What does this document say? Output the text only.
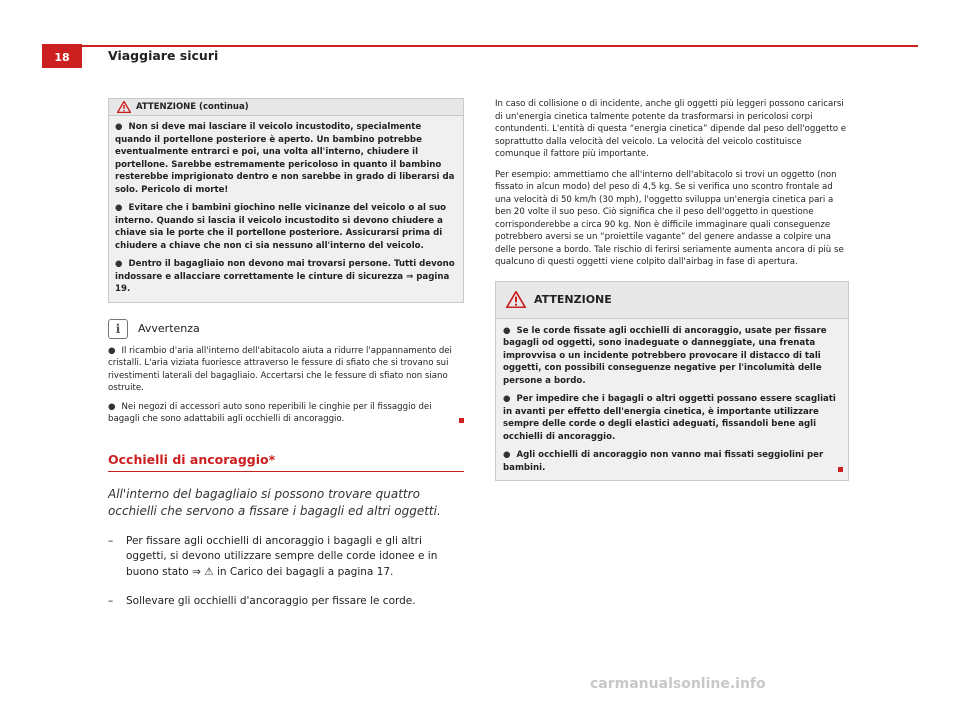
18	Viaggiare sicuri
ATTENZIONE (continua)

● Non si deve mai lasciare il veicolo incustodito, specialmente quando il portellone posteriore è aperto. Un bambino potrebbe eventualmente entrarci e poi, una volta all'interno, chiudere il portellone. Sarebbe estremamente pericoloso in quanto il bambino resterebbe imprigionato dentro e non sarebbe in grado di liberarsi da solo. Pericolo di morte!

● Evitare che i bambini giochino nelle vicinanze del veicolo o al suo interno. Quando si lascia il veicolo incustodito si devono chiudere a chiave sia le porte che il portellone posteriore. Assicurarsi prima di chiudere a chiave che non ci sia nessuno all'interno del veicolo.

● Dentro il bagagliaio non devono mai trovarsi persone. Tutti devono indossare e allacciare correttamente le cinture di sicurezza ⇒ pagina 19.

i	Avvertenza

● Il ricambio d'aria all'interno dell'abitacolo aiuta a ridurre l'appannamento dei cristalli. L'aria viziata fuoriesce attraverso le fessure di sfiato che si trovano sui rivestimenti laterali del bagagliaio. Accertarsi che le fessure di sfiato non siano ostruite.

● Nei negozi di accessori auto sono reperibili le cinghie per il fissaggio dei bagagli che sono adattabili agli occhielli di ancoraggio.

Occhielli di ancoraggio*
All'interno del bagagliaio si possono trovare quattro occhielli che servono a fissare i bagagli ed altri oggetti.
–	Per fissare agli occhielli di ancoraggio i bagagli e gli altri oggetti, si devono utilizzare sempre delle corde idonee e in buono stato ⇒ ⚠ in Carico dei bagagli a pagina 17.
–	Sollevare gli occhielli d'ancoraggio per fissare le corde.

In caso di collisione o di incidente, anche gli oggetti più leggeri possono caricarsi di un'energia cinetica talmente potente da trasformarsi in pericolosi corpi contundenti. L'entità di questa “energia cinetica” dipende dal peso dell'oggetto e soprattutto dalla velocità del veicolo. La velocità del veicolo costituisce comunque il fattore più importante.

Per esempio: ammettiamo che all'interno dell'abitacolo si trovi un oggetto (non fissato in alcun modo) del peso di 4,5 kg. Se si verifica uno scontro frontale ad una velocità di 50 km/h (30 mph), l'oggetto sviluppa un'energia cinetica pari a ben 20 volte il suo peso. Ciò significa che il peso dell'oggetto in questione corrisponderebbe a circa 90 kg. Non è difficile immaginare quali conseguenze potrebbero aversi se un “proiettile vagante” del genere andasse a colpire una delle persone a bordo. Tale rischio di ferirsi seriamente aumenta ancora di più se qualcuno di questi oggetti viene colpito dall'airbag in fase di apertura.

ATTENZIONE

● Se le corde fissate agli occhielli di ancoraggio, usate per fissare bagagli od oggetti, sono inadeguate o danneggiate, una frenata improvvisa o un incidente potrebbero provocare il distacco di tali oggetti, con possibili conseguenze negative per l'incolumità delle persone a bordo.

● Per impedire che i bagagli o altri oggetti possano essere scagliati in avanti per effetto dell'energia cinetica, è importante utilizzare sempre delle corde o degli elastici adeguati, fissandoli bene agli occhielli di ancoraggio.

● Agli occhielli di ancoraggio non vanno mai fissati seggiolini per bambini.

carmanualsonline.info
